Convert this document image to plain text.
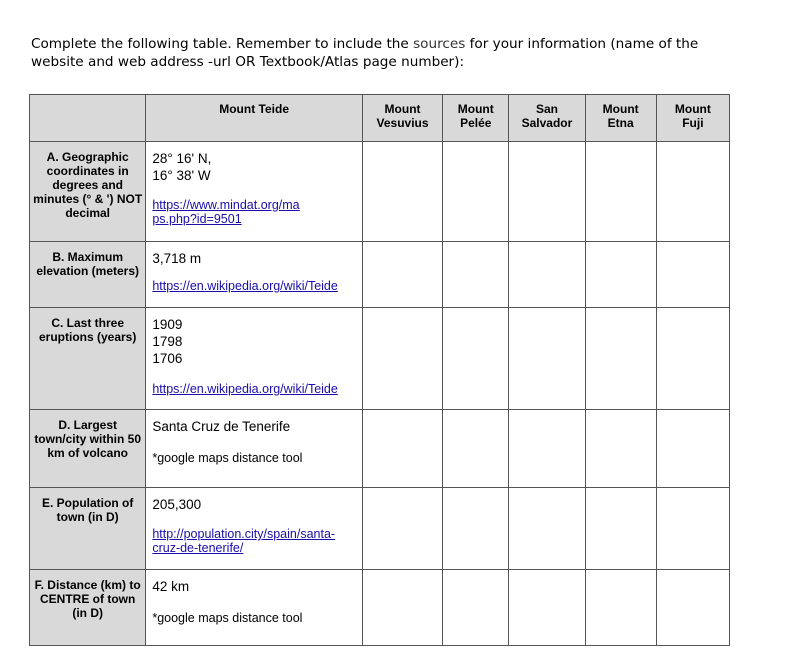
Complete the following table. Remember to include the sources for your information (name of the website and web address -url OR Textbook/Atlas page number):
	Mount Teide	Mount Vesuvius	Mount Pelée	San Salvador	Mount Etna	Mount Fuji
A. Geographic coordinates in degrees and minutes (° & ') NOT decimal	28° 16' N,
16° 38' W
https://www.mindat.org/maps.php?id=9501					

B. Maximum elevation (meters)	3,718 m
https://en.wikipedia.org/wiki/Teide					

C. Last three eruptions (years)	1909
1798
1706
https://en.wikipedia.org/wiki/Teide					

D. Largest town/city within 50 km of volcano	Santa Cruz de Tenerife
*google maps distance tool					

E. Population of town (in D)	205,300
http://population.city/spain/santa-cruz-de-tenerife/					

F. Distance (km) to CENTRE of town (in D)	42 km
*google maps distance tool					
